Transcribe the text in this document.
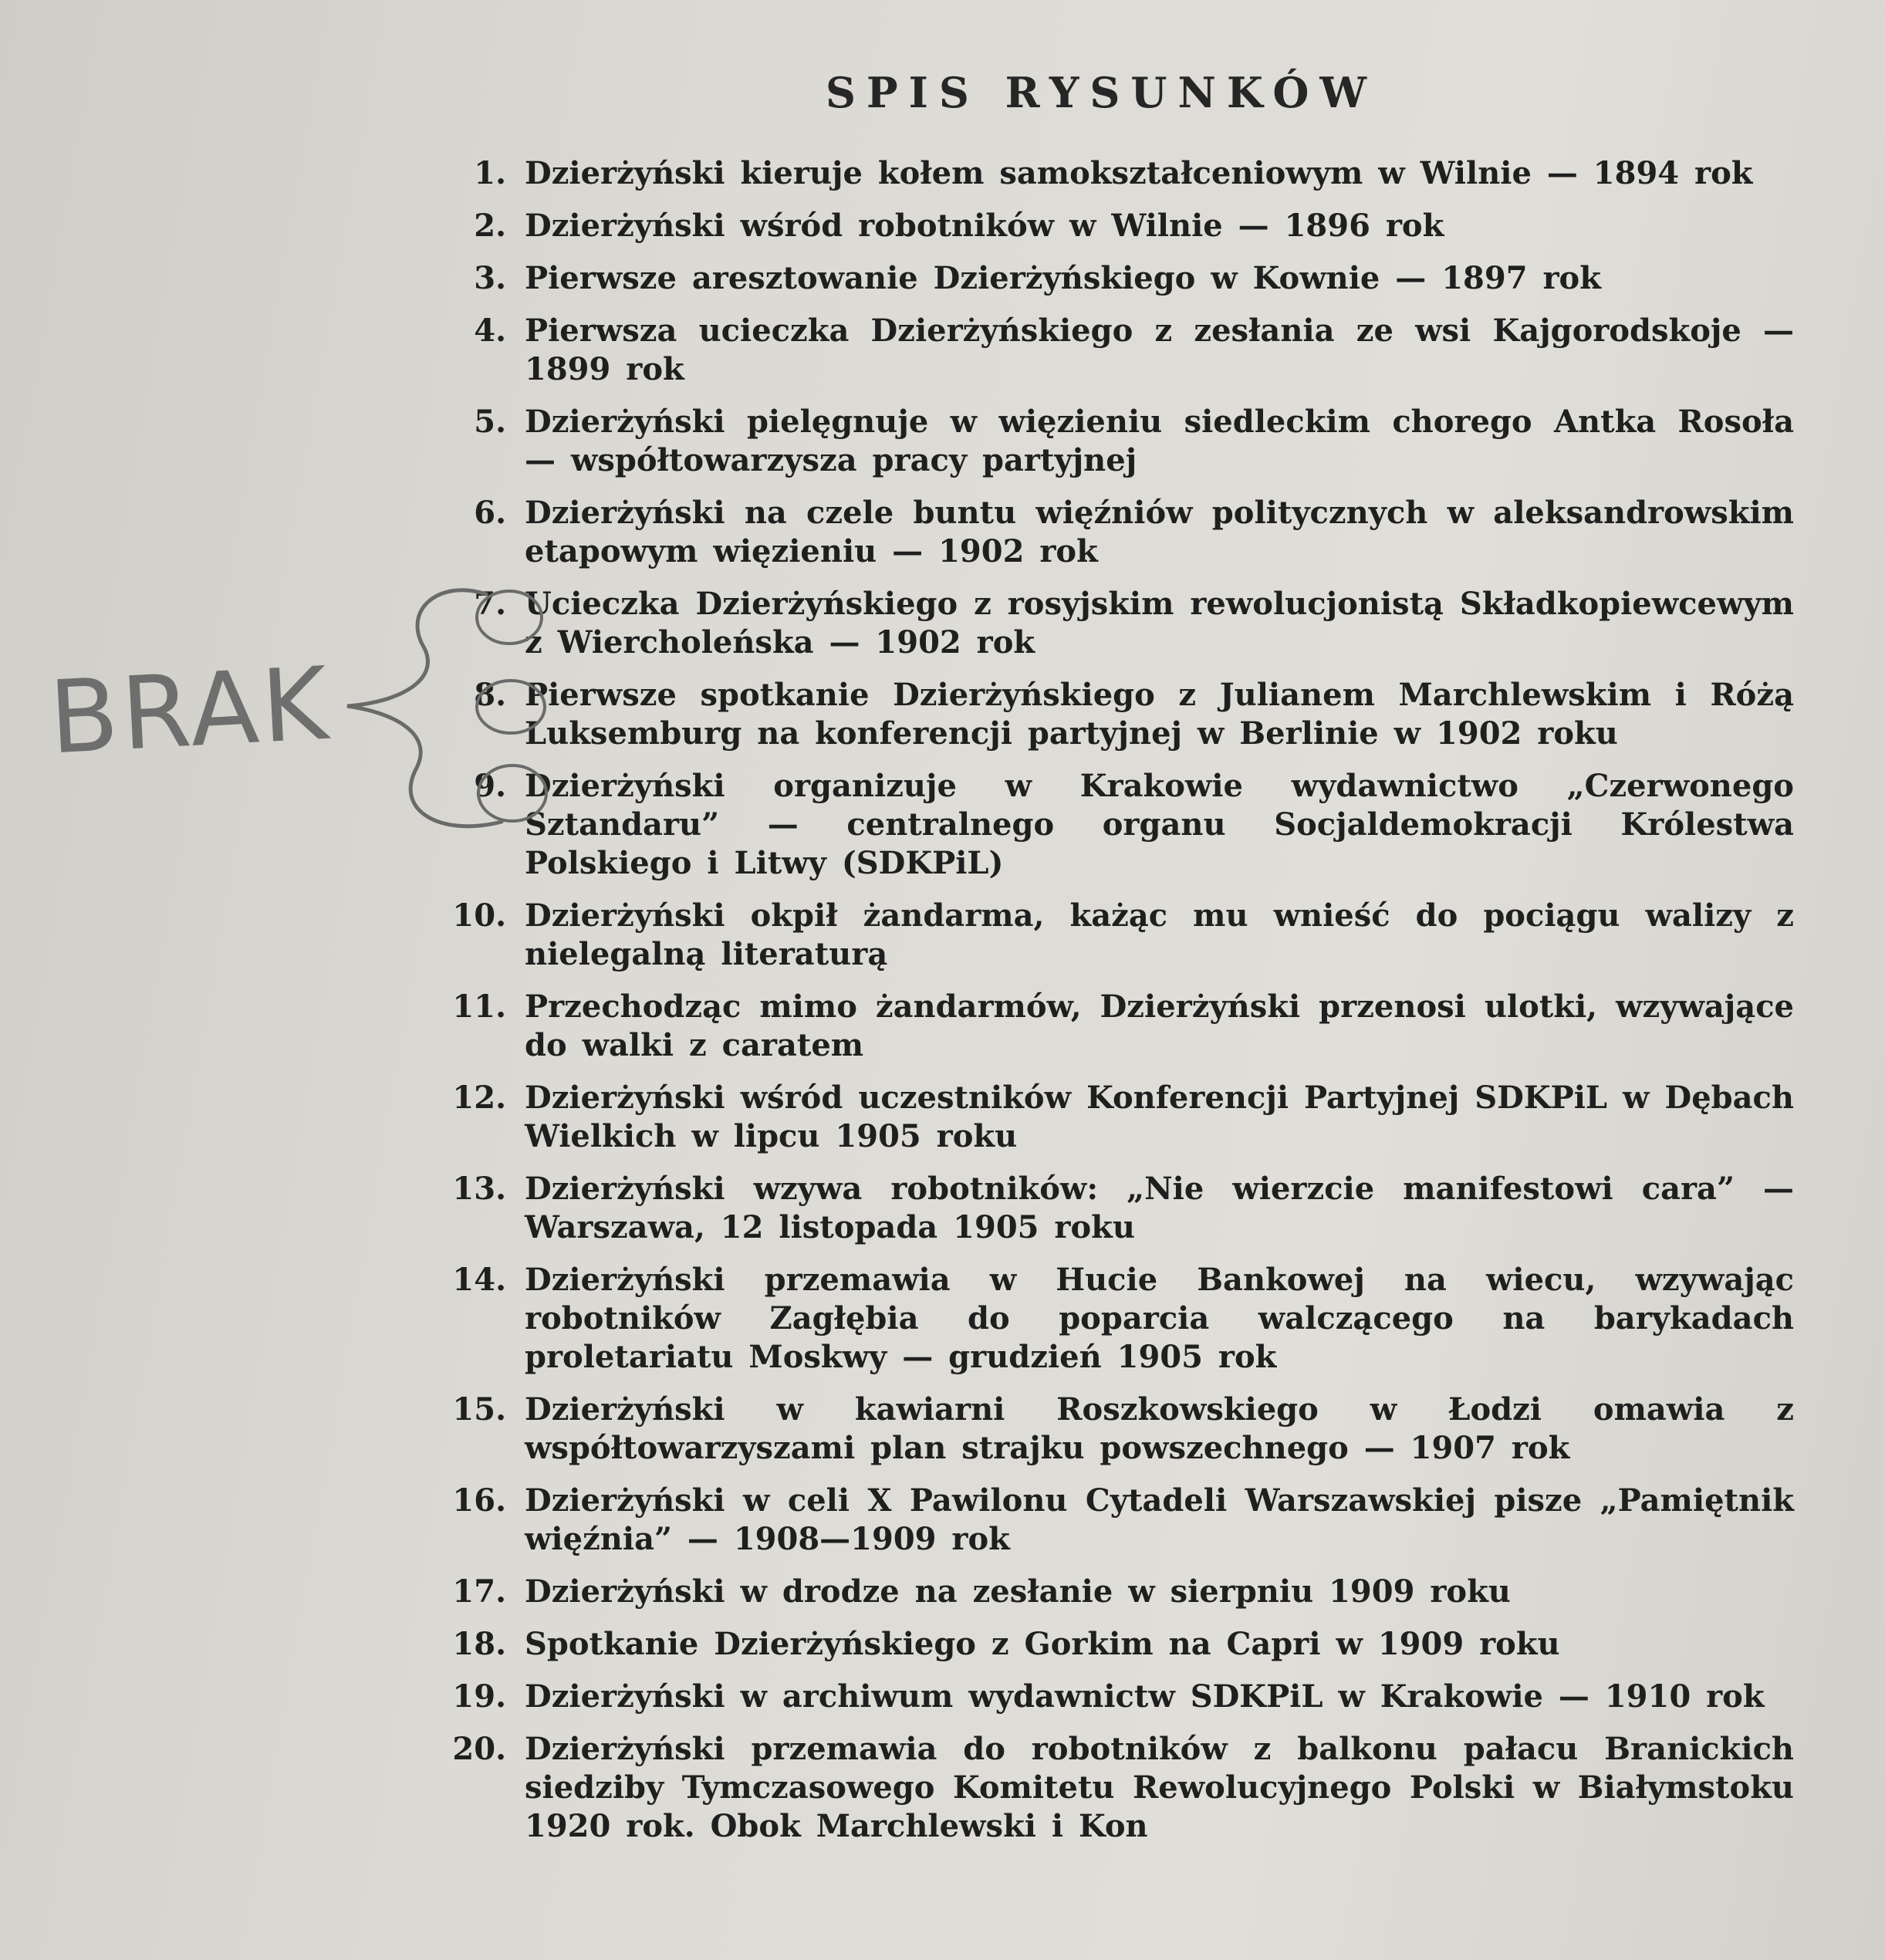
SPIS RYSUNKÓW
1. Dzierżyński kieruje kołem samokształceniowym w Wilnie — 1894 rok
2. Dzierżyński wśród robotników w Wilnie — 1896 rok
3. Pierwsze aresztowanie Dzierżyńskiego w Kownie — 1897 rok
4. Pierwsza ucieczka Dzierżyńskiego z zesłania ze wsi Kajgorodskoje — 1899 rok
5. Dzierżyński pielęgnuje w więzieniu siedleckim chorego Antka Rosoła — współtowarzysza pracy partyjnej
6. Dzierżyński na czele buntu więźniów politycznych w aleksandrowskim etapowym więzieniu — 1902 rok
7. Ucieczka Dzierżyńskiego z rosyjskim rewolucjonistą Składkopiewcewym z Wiercholeńska — 1902 rok
8. Pierwsze spotkanie Dzierżyńskiego z Julianem Marchlewskim i Różą Luksemburg na konferencji partyjnej w Berlinie w 1902 roku
9. Dzierżyński organizuje w Krakowie wydawnictwo „Czerwonego Sztandaru” — centralnego organu Socjaldemokracji Królestwa Polskiego i Litwy (SDKPiL)
10. Dzierżyński okpił żandarma, każąc mu wnieść do pociągu walizy z nielegalną literaturą
11. Przechodząc mimo żandarmów, Dzierżyński przenosi ulotki, wzywające do walki z caratem
12. Dzierżyński wśród uczestników Konferencji Partyjnej SDKPiL w Dębach Wielkich w lipcu 1905 roku
13. Dzierżyński wzywa robotników: „Nie wierzcie manifestowi cara” — Warszawa, 12 listopada 1905 roku
14. Dzierżyński przemawia w Hucie Bankowej na wiecu, wzywając robotników Zagłębia do poparcia walczącego na barykadach proletariatu Moskwy — grudzień 1905 rok
15. Dzierżyński w kawiarni Roszkowskiego w Łodzi omawia z współtowarzyszami plan strajku powszechnego — 1907 rok
16. Dzierżyński w celi X Pawilonu Cytadeli Warszawskiej pisze „Pamiętnik więźnia” — 1908—1909 rok
17. Dzierżyński w drodze na zesłanie w sierpniu 1909 roku
18. Spotkanie Dzierżyńskiego z Gorkim na Capri w 1909 roku
19. Dzierżyński w archiwum wydawnictw SDKPiL w Krakowie — 1910 rok
20. Dzierżyński przemawia do robotników z balkonu pałacu Branickich siedziby Tymczasowego Komitetu Rewolucyjnego Polski w Białymstoku 1920 rok. Obok Marchlewski i Kon
BRAK
